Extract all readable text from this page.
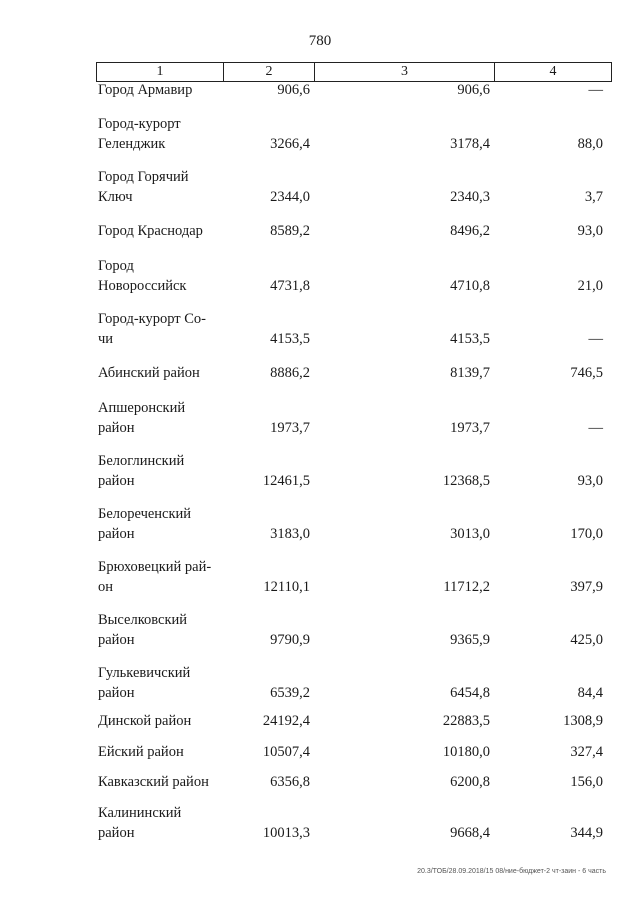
780
1	2	3	4
Город Армавир	906,6	906,6	—
Город-курорт
Геленджик	3266,4	3178,4	88,0
Город Горячий
Ключ	2344,0	2340,3	3,7
Город Краснодар	8589,2	8496,2	93,0
Город
Новороссийск	4731,8	4710,8	21,0
Город-курорт Со-
чи	4153,5	4153,5	—
Абинский район	8886,2	8139,7	746,5
Апшеронский
район	1973,7	1973,7	—
Белоглинский
район	12461,5	12368,5	93,0
Белореченский
район	3183,0	3013,0	170,0
Брюховецкий рай-
он	12110,1	11712,2	397,9
Выселковский
район	9790,9	9365,9	425,0
Гулькевичский
район	6539,2	6454,8	84,4
Динской район	24192,4	22883,5	1308,9
Ейский район	10507,4	10180,0	327,4
Кавказский район	6356,8	6200,8	156,0
Калининский
район	10013,3	9668,4	344,9
20.3/ТОБ/28.09.2018/15 08/ние-бюджет-2 чт-заин - 6 часть
